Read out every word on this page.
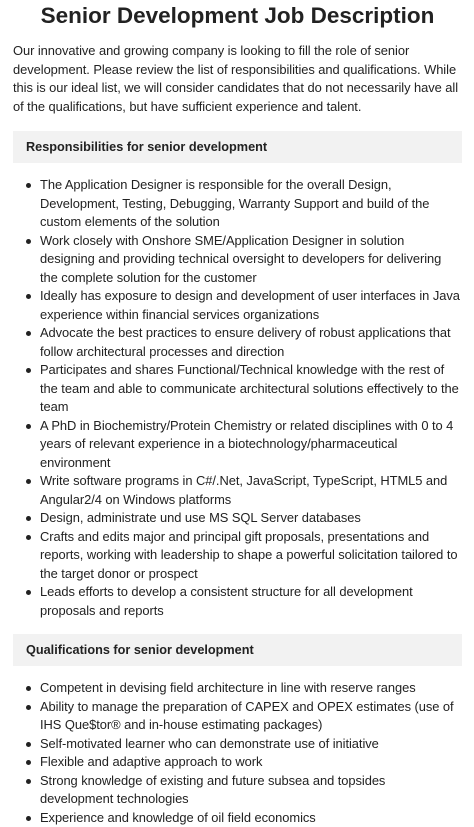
Senior Development Job Description

Our innovative and growing company is looking to fill the role of senior development. Please review the list of responsibilities and qualifications. While this is our ideal list, we will consider candidates that do not necessarily have all of the qualifications, but have sufficient experience and talent.

Responsibilities for senior development
The Application Designer is responsible for the overall Design, Development, Testing, Debugging, Warranty Support and build of the custom elements of the solution
Work closely with Onshore SME/Application Designer in solution designing and providing technical oversight to developers for delivering the complete solution for the customer
Ideally has exposure to design and development of user interfaces in Java experience within financial services organizations
Advocate the best practices to ensure delivery of robust applications that follow architectural processes and direction
Participates and shares Functional/Technical knowledge with the rest of the team and able to communicate architectural solutions effectively to the team
A PhD in Biochemistry/Protein Chemistry or related disciplines with 0 to 4 years of relevant experience in a biotechnology/pharmaceutical environment
Write software programs in C#/.Net, JavaScript, TypeScript, HTML5 and Angular2/4 on Windows platforms
Design, administrate und use MS SQL Server databases
Crafts and edits major and principal gift proposals, presentations and reports, working with leadership to shape a powerful solicitation tailored to the target donor or prospect
Leads efforts to develop a consistent structure for all development proposals and reports
Qualifications for senior development
Competent in devising field architecture in line with reserve ranges
Ability to manage the preparation of CAPEX and OPEX estimates (use of IHS Que$tor® and in-house estimating packages)
Self-motivated learner who can demonstrate use of initiative
Flexible and adaptive approach to work
Strong knowledge of existing and future subsea and topsides development technologies
Experience and knowledge of oil field economics
